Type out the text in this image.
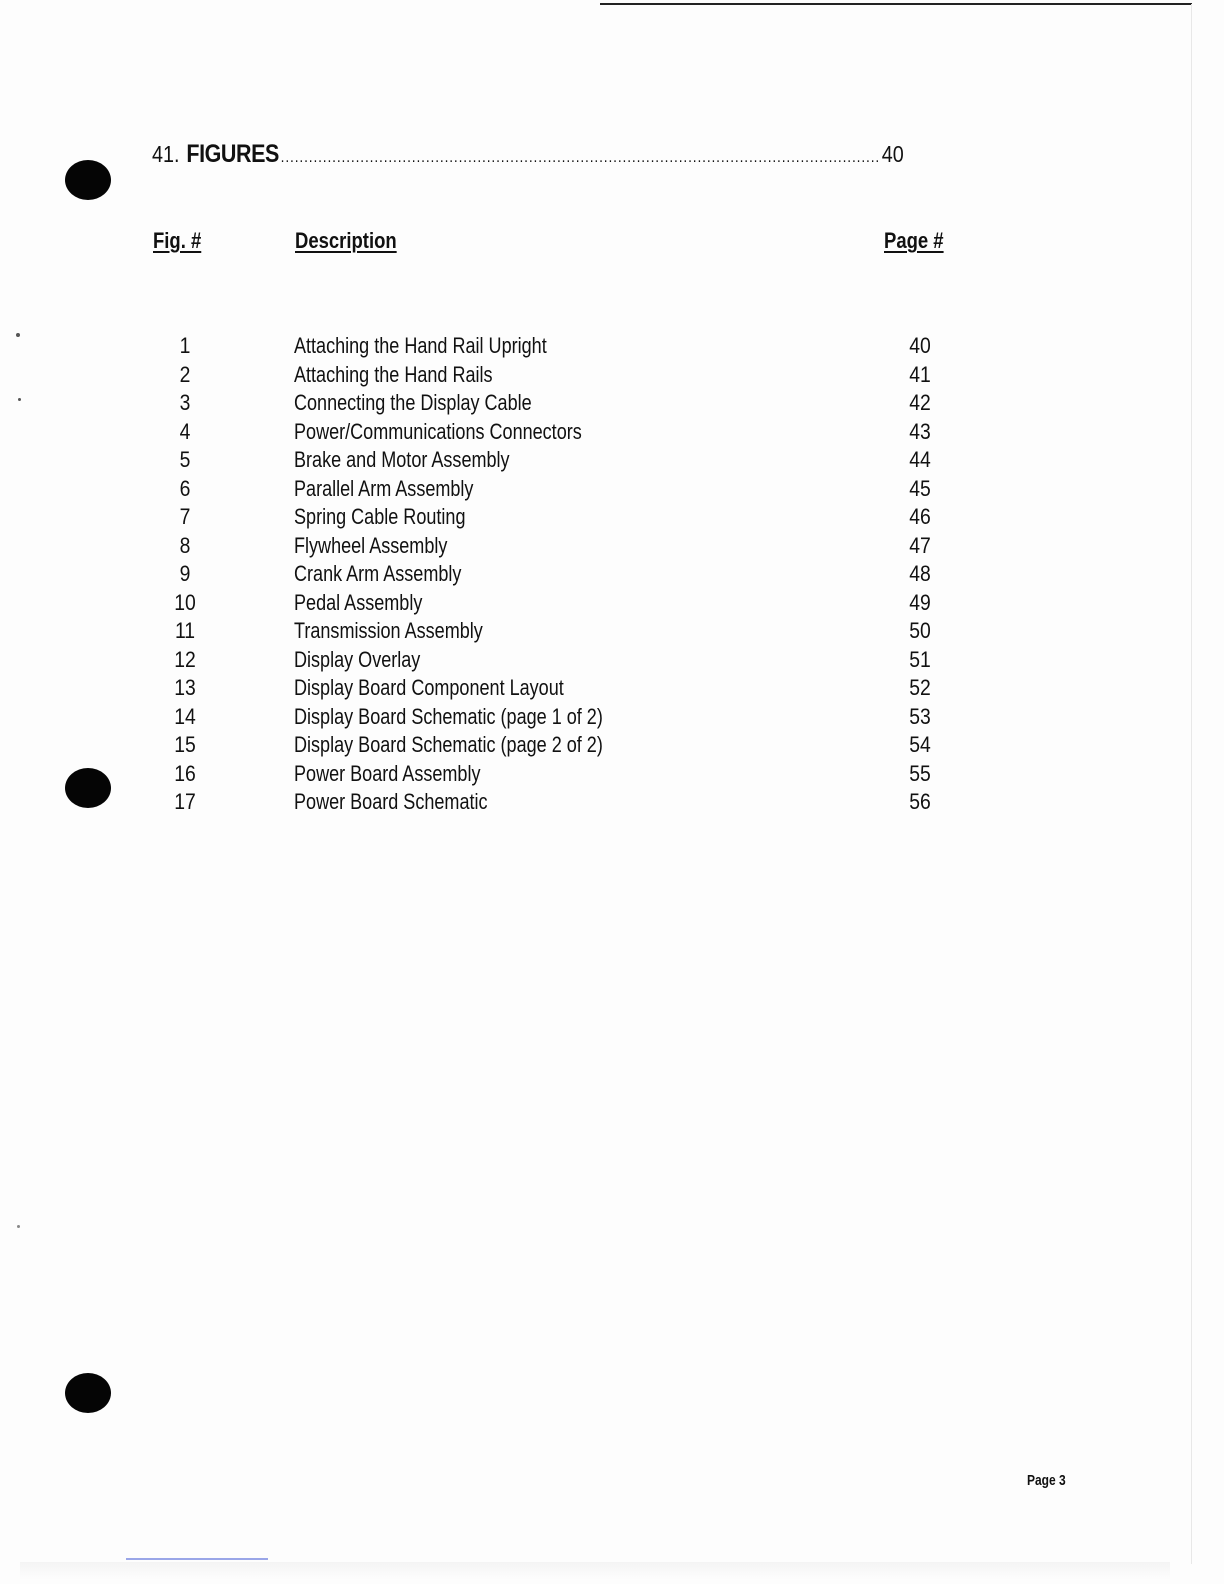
41. FIGURES ................................................................................................................................ 40
Fig. #	Description	Page #
1	Attaching the Hand Rail Upright	40
2	Attaching the Hand Rails	41
3	Connecting the Display Cable	42
4	Power/Communications Connectors	43
5	Brake and Motor Assembly	44
6	Parallel Arm Assembly	45
7	Spring Cable Routing	46
8	Flywheel Assembly	47
9	Crank Arm Assembly	48
10	Pedal Assembly	49
11	Transmission Assembly	50
12	Display Overlay	51
13	Display Board Component Layout	52
14	Display Board Schematic (page 1 of 2)	53
15	Display Board Schematic (page 2 of 2)	54
16	Power Board Assembly	55
17	Power Board Schematic	56
Page 3
